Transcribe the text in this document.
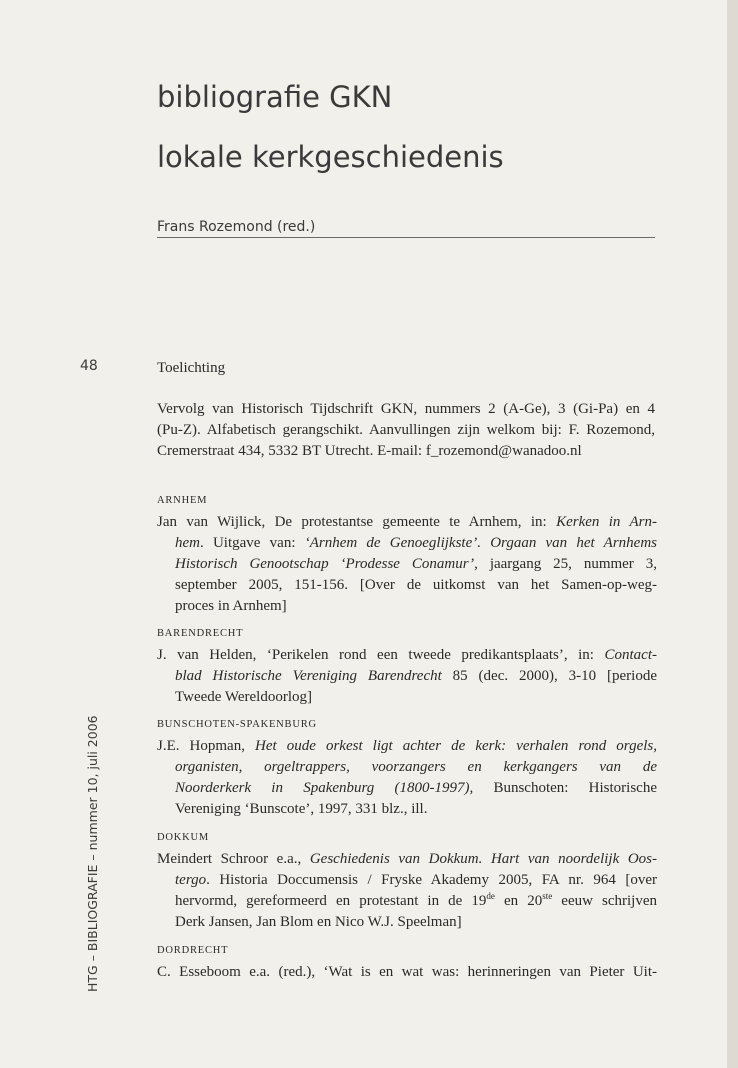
bibliografie GKN
lokale kerkgeschiedenis
Frans Rozemond (red.)
48
HTG – BIBLIOGRAFIE – nummer 10, juli 2006
Toelichting
Vervolg van Historisch Tijdschrift GKN, nummers 2 (A-Ge), 3 (Gi-Pa) en 4
(Pu-Z). Alfabetisch gerangschikt. Aanvullingen zijn welkom bij: F. Rozemond,
Cremerstraat 434, 5332 BT Utrecht. E-mail: f_rozemond@wanadoo.nl
ARNHEM
Jan van Wijlick, De protestantse gemeente te Arnhem, in: Kerken in Arn-
hem. Uitgave van: ‘Arnhem de Genoeglijkste’. Orgaan van het Arnhems
Historisch Genootschap ‘Prodesse Conamur’, jaargang 25, nummer 3,
september 2005, 151-156. [Over de uitkomst van het Samen-op-weg-
proces in Arnhem]
BARENDRECHT
J. van Helden, ‘Perikelen rond een tweede predikantsplaats’, in: Contact-
blad Historische Vereniging Barendrecht 85 (dec. 2000), 3-10 [periode
Tweede Wereldoorlog]
BUNSCHOTEN-SPAKENBURG
J.E. Hopman, Het oude orkest ligt achter de kerk: verhalen rond orgels,
organisten, orgeltrappers, voorzangers en kerkgangers van de
Noorderkerk in Spakenburg (1800-1997), Bunschoten: Historische
Vereniging ‘Bunscote’, 1997, 331 blz., ill.
DOKKUM
Meindert Schroor e.a., Geschiedenis van Dokkum. Hart van noordelijk Oos-
tergo. Historia Doccumensis / Fryske Akademy 2005, FA nr. 964 [over
hervormd, gereformeerd en protestant in de 19de en 20ste eeuw schrijven
Derk Jansen, Jan Blom en Nico W.J. Speelman]
DORDRECHT
C. Esseboom e.a. (red.), ‘Wat is en wat was: herinneringen van Pieter Uit-
